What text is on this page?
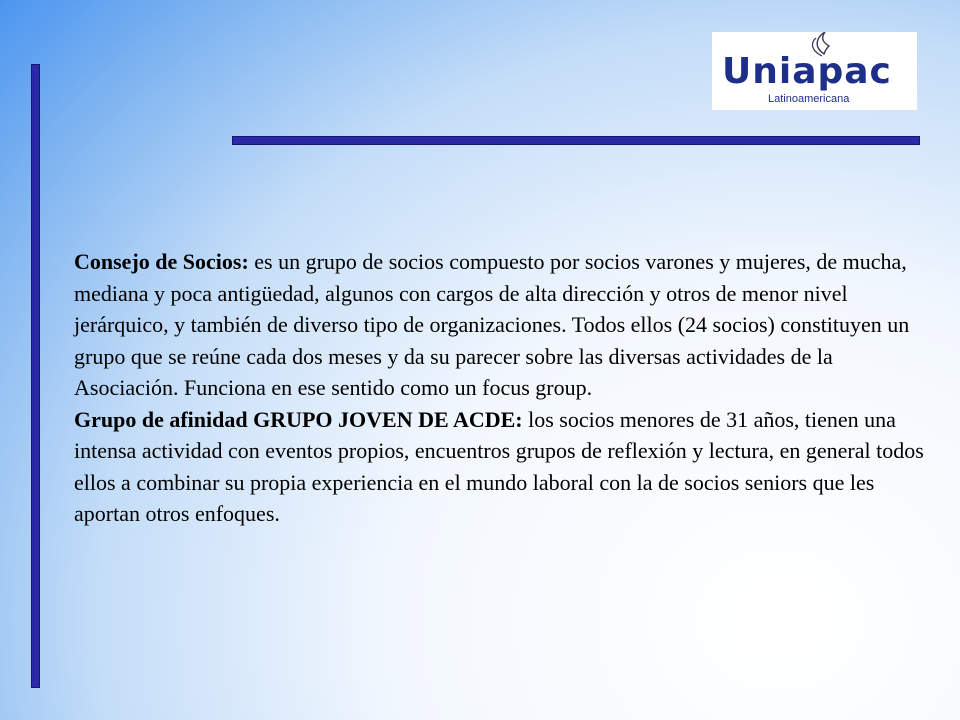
Uniapac
Latinoamericana

Consejo de Socios: es un grupo de socios compuesto por socios varones y mujeres, de mucha, mediana y poca antigüedad, algunos con cargos de alta dirección y otros de menor nivel jerárquico, y también de diverso tipo de organizaciones. Todos ellos (24 socios) constituyen un grupo que se reúne cada dos meses y da su parecer sobre las diversas actividades de la Asociación. Funciona en ese sentido como un focus group.

Grupo de afinidad GRUPO JOVEN DE ACDE: los socios menores de 31 años, tienen una intensa actividad con eventos propios, encuentros grupos de reflexión y lectura, en general todos ellos a combinar su propia experiencia en el mundo laboral con la de socios seniors que les aportan otros enfoques.
